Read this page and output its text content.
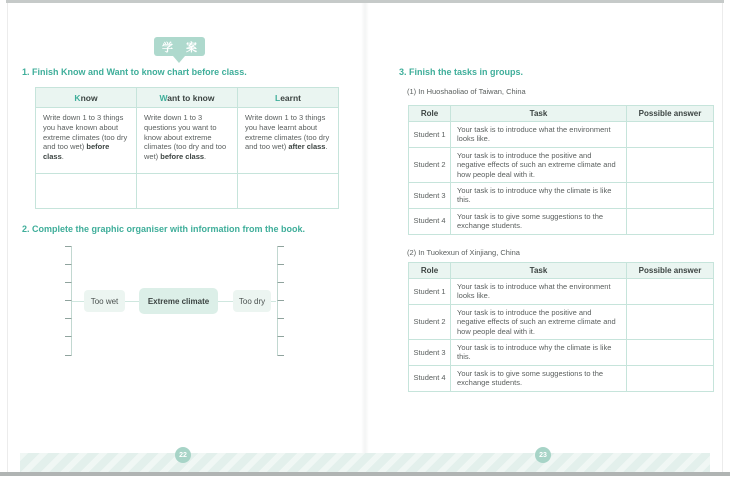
学 案
1. Finish Know and Want to know chart before class.
Know	Want to know	Learnt
Write down 1 to 3 things you have known about extreme climates (too dry and too wet) before class.	Write down 1 to 3 questions you want to know about extreme climates (too dry and too wet) before class.	Write down 1 to 3 things you have learnt about extreme climates (too dry and too wet) after class.

2. Complete the graphic organiser with information from the book.
Too wet	Extreme climate	Too dry
3. Finish the tasks in groups.
(1) In Huoshaoliao of Taiwan, China
Role	Task	Possible answer
Student 1	Your task is to introduce what the environment looks like.	
Student 2	Your task is to introduce the positive and negative effects of such an extreme climate and how people deal with it.	
Student 3	Your task is to introduce why the climate is like this.	
Student 4	Your task is to give some suggestions to the exchange students.	
(2) In Tuokexun of Xinjiang, China
Role	Task	Possible answer
Student 1	Your task is to introduce what the environment looks like.	
Student 2	Your task is to introduce the positive and negative effects of such an extreme climate and how people deal with it.	
Student 3	Your task is to introduce why the climate is like this.	
Student 4	Your task is to give some suggestions to the exchange students.	
22	23
